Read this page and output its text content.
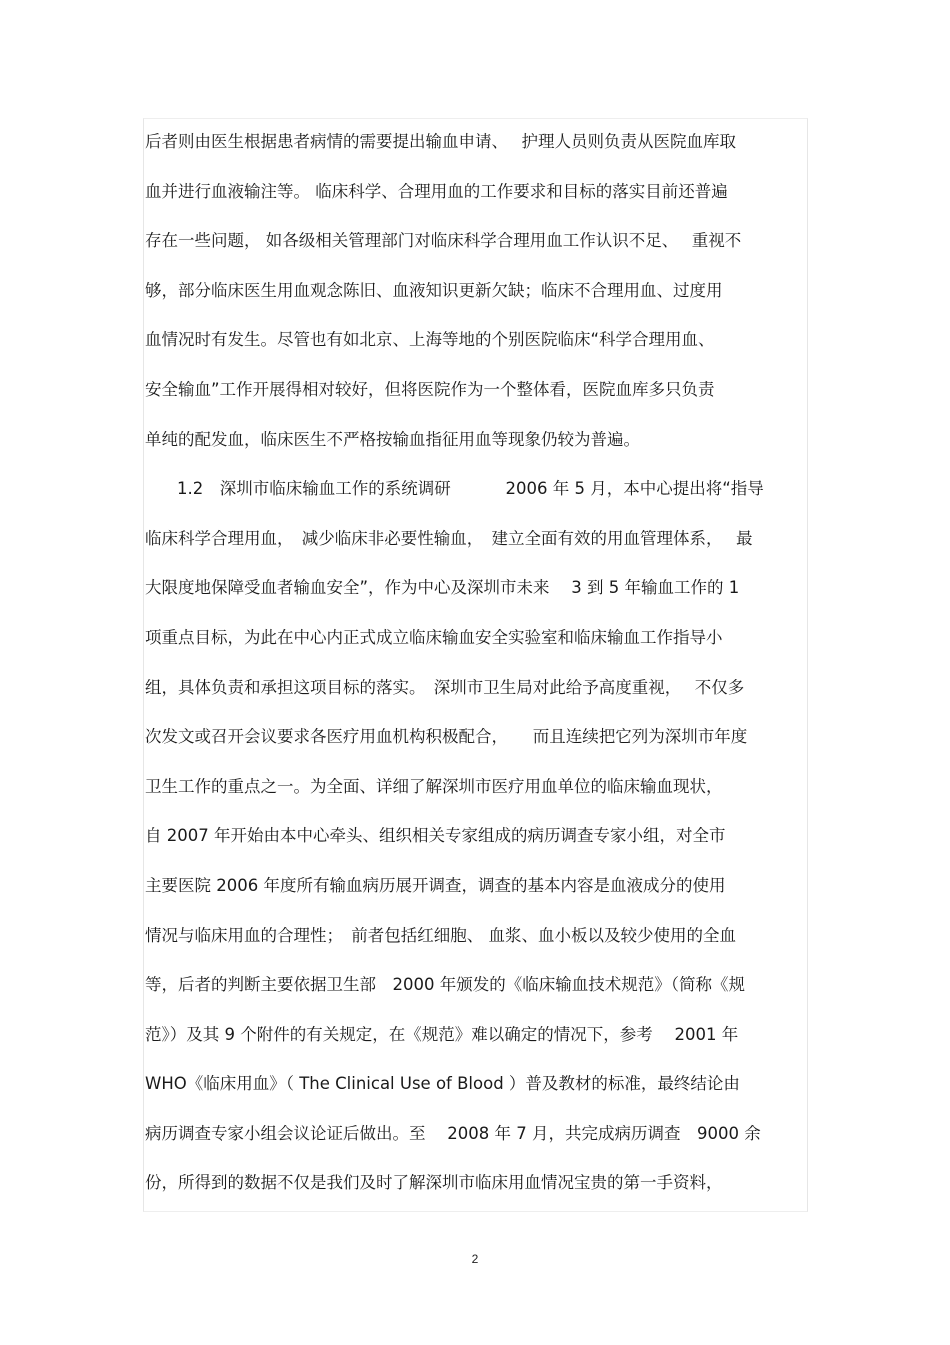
后者则由医生根据患者病情的需要提出输血申请、　 护理人员则负责从医院血库取
血并进行血液输注等。 临床科学、合理用血的工作要求和目标的落实目前还普遍
存在一些问题， 如各级相关管理部门对临床科学合理用血工作认识不足、　 重视不
够，部分临床医生用血观念陈旧、血液知识更新欠缺；临床不合理用血、过度用
血情况时有发生。尽管也有如北京、上海等地的个别医院临床“科学合理用血、
安全输血”工作开展得相对较好，但将医院作为一个整体看，医院血库多只负责
单纯的配发血，临床医生不严格按输血指征用血等现象仍较为普遍。
1.2　深圳市临床输血工作的系统调研　　　 2006 年 5 月，本中心提出将“指导
临床科学合理用血，　减少临床非必要性输血，　建立全面有效的用血管理体系，　 最
大限度地保障受血者输血安全”，作为中心及深圳市未来　 3 到 5 年输血工作的 1
项重点目标，为此在中心内正式成立临床输血安全实验室和临床输血工作指导小
组，具体负责和承担这项目标的落实。　深圳市卫生局对此给予高度重视，　 不仅多
次发文或召开会议要求各医疗用血机构积极配合，　　而且连续把它列为深圳市年度
卫生工作的重点之一。为全面、详细了解深圳市医疗用血单位的临床输血现状，
自 2007 年开始由本中心牵头、组织相关专家组成的病历调查专家小组，对全市
主要医院 2006 年度所有输血病历展开调查，调查的基本内容是血液成分的使用
情况与临床用血的合理性；　前者包括红细胞、 血浆、血小板以及较少使用的全血
等，后者的判断主要依据卫生部　2000 年颁发的《临床输血技术规范》（简称《规
范》）及其 9 个附件的有关规定，在《规范》难以确定的情况下，参考　 2001 年
WHO《临床用血》（ The Clinical Use of Blood ）普及教材的标准，最终结论由
病历调查专家小组会议论证后做出。至　 2008 年 7 月，共完成病历调查　9000 余
份，所得到的数据不仅是我们及时了解深圳市临床用血情况宝贵的第一手资料，
2
